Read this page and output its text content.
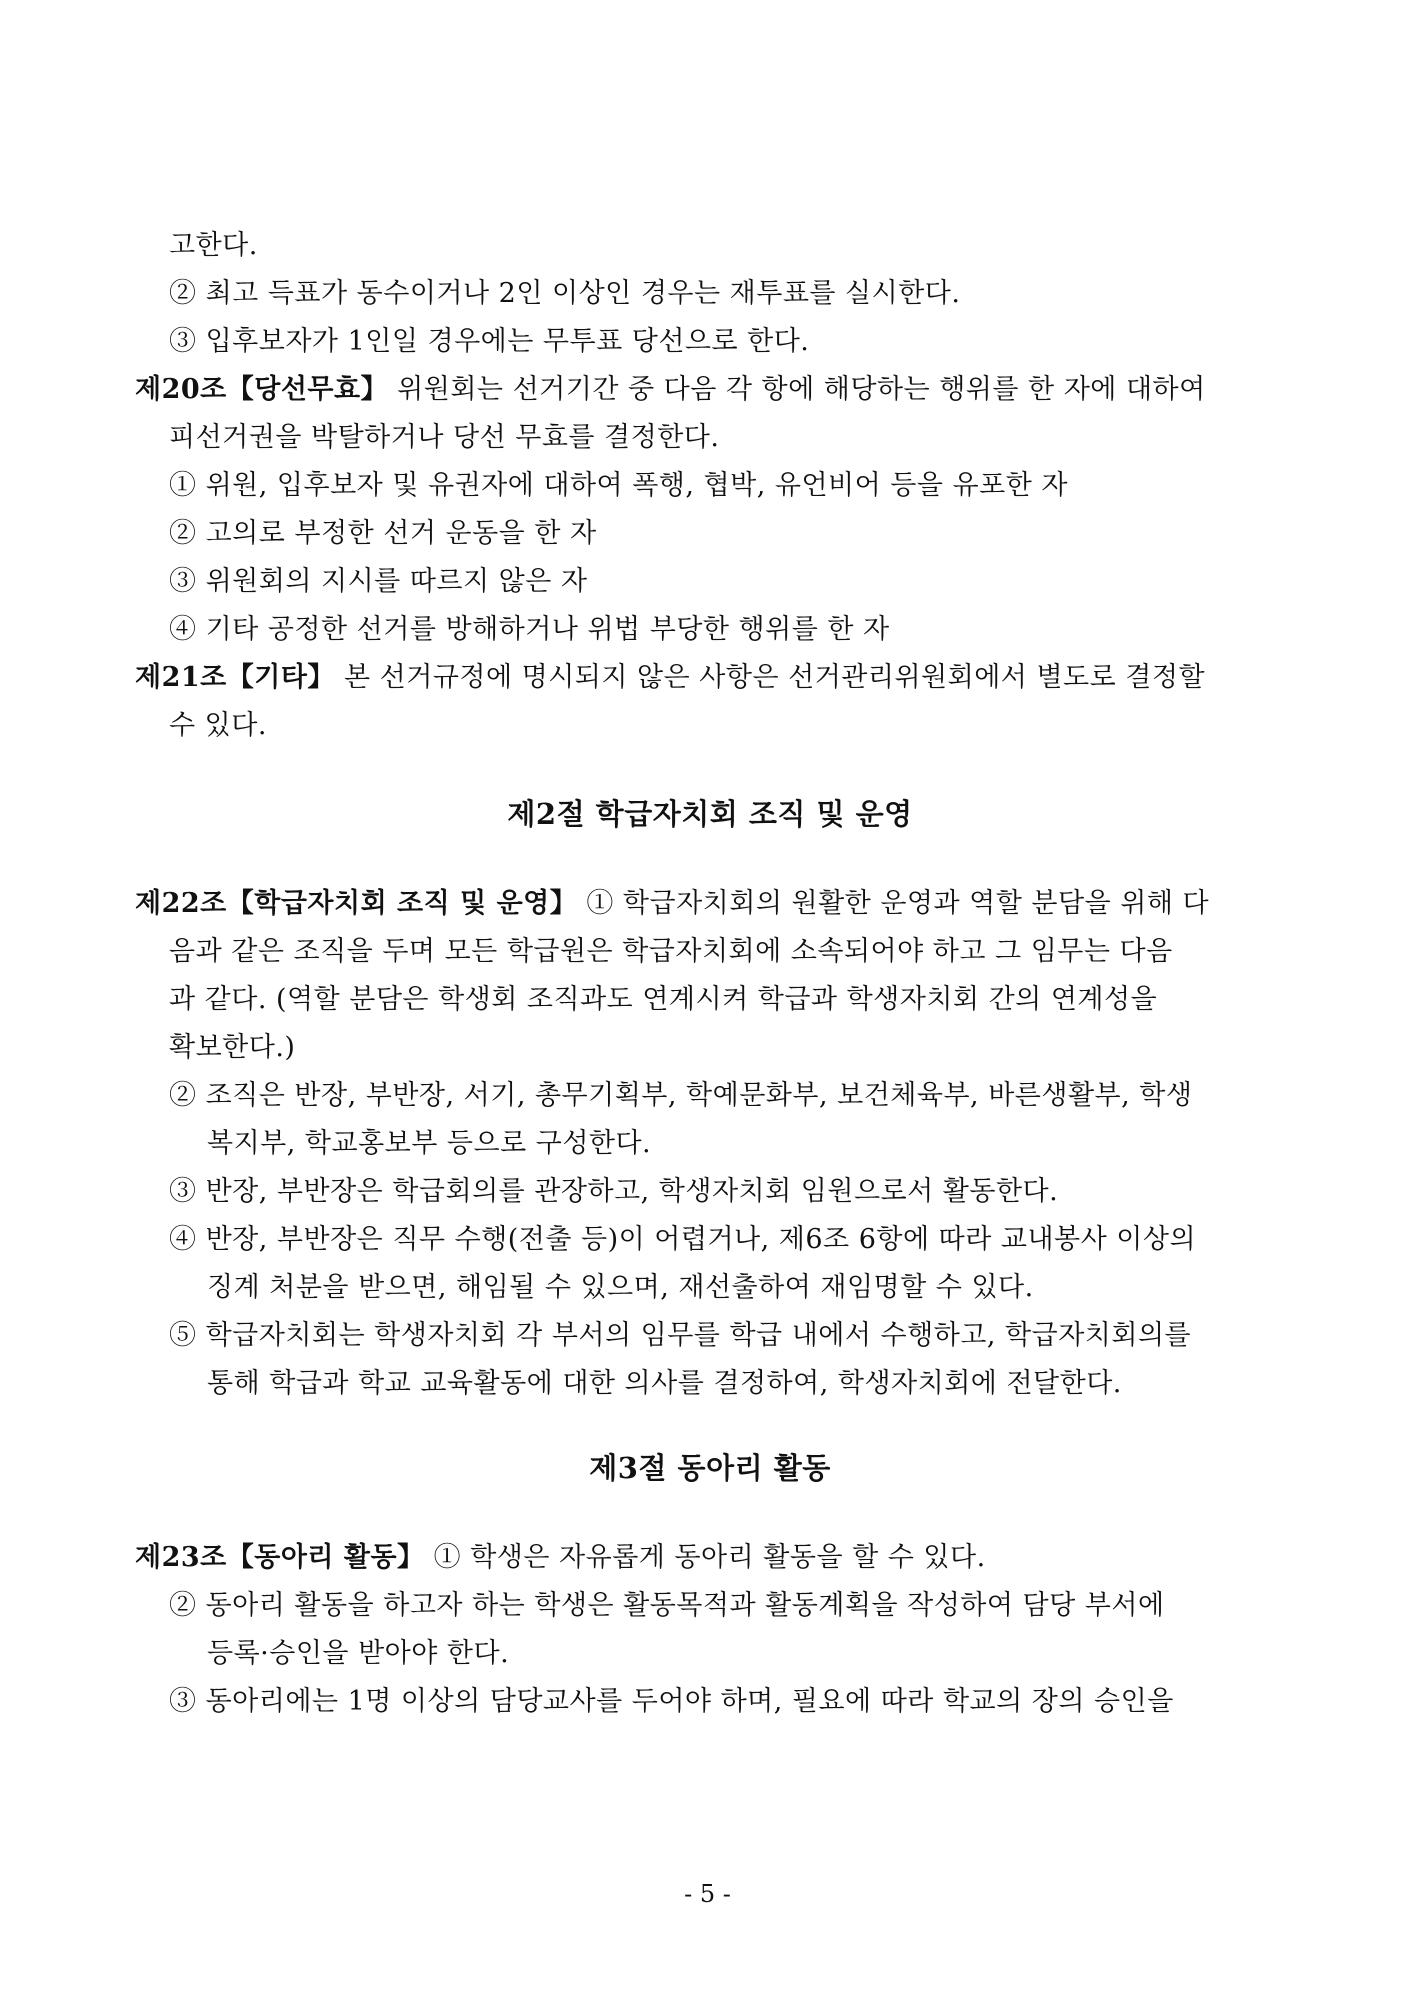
고한다.

② 최고 득표가 동수이거나 2인 이상인 경우는 재투표를 실시한다.

③ 입후보자가 1인일 경우에는 무투표 당선으로 한다.

제20조【당선무효】 위원회는 선거기간 중 다음 각 항에 해당하는 행위를 한 자에 대하여

피선거권을 박탈하거나 당선 무효를 결정한다.

① 위원, 입후보자 및 유권자에 대하여 폭행, 협박, 유언비어 등을 유포한 자

② 고의로 부정한 선거 운동을 한 자

③ 위원회의 지시를 따르지 않은 자

④ 기타 공정한 선거를 방해하거나 위법 부당한 행위를 한 자

제21조【기타】 본 선거규정에 명시되지 않은 사항은 선거관리위원회에서 별도로 결정할

수 있다.

제2절 학급자치회 조직 및 운영

제22조【학급자치회 조직 및 운영】 ① 학급자치회의 원활한 운영과 역할 분담을 위해 다

음과 같은 조직을 두며 모든 학급원은 학급자치회에 소속되어야 하고 그 임무는 다음

과 같다. (역할 분담은 학생회 조직과도 연계시켜 학급과 학생자치회 간의 연계성을

확보한다.)

② 조직은 반장, 부반장, 서기, 총무기획부, 학예문화부, 보건체육부, 바른생활부, 학생

복지부, 학교홍보부 등으로 구성한다.

③ 반장, 부반장은 학급회의를 관장하고, 학생자치회 임원으로서 활동한다.

④ 반장, 부반장은 직무 수행(전출 등)이 어렵거나, 제6조 6항에 따라 교내봉사 이상의

징계 처분을 받으면, 해임될 수 있으며, 재선출하여 재임명할 수 있다.

⑤ 학급자치회는 학생자치회 각 부서의 임무를 학급 내에서 수행하고, 학급자치회의를

통해 학급과 학교 교육활동에 대한 의사를 결정하여, 학생자치회에 전달한다.

제3절 동아리 활동

제23조【동아리 활동】 ① 학생은 자유롭게 동아리 활동을 할 수 있다.

② 동아리 활동을 하고자 하는 학생은 활동목적과 활동계획을 작성하여 담당 부서에

등록·승인을 받아야 한다.

③ 동아리에는 1명 이상의 담당교사를 두어야 하며, 필요에 따라 학교의 장의 승인을

- 5 -
